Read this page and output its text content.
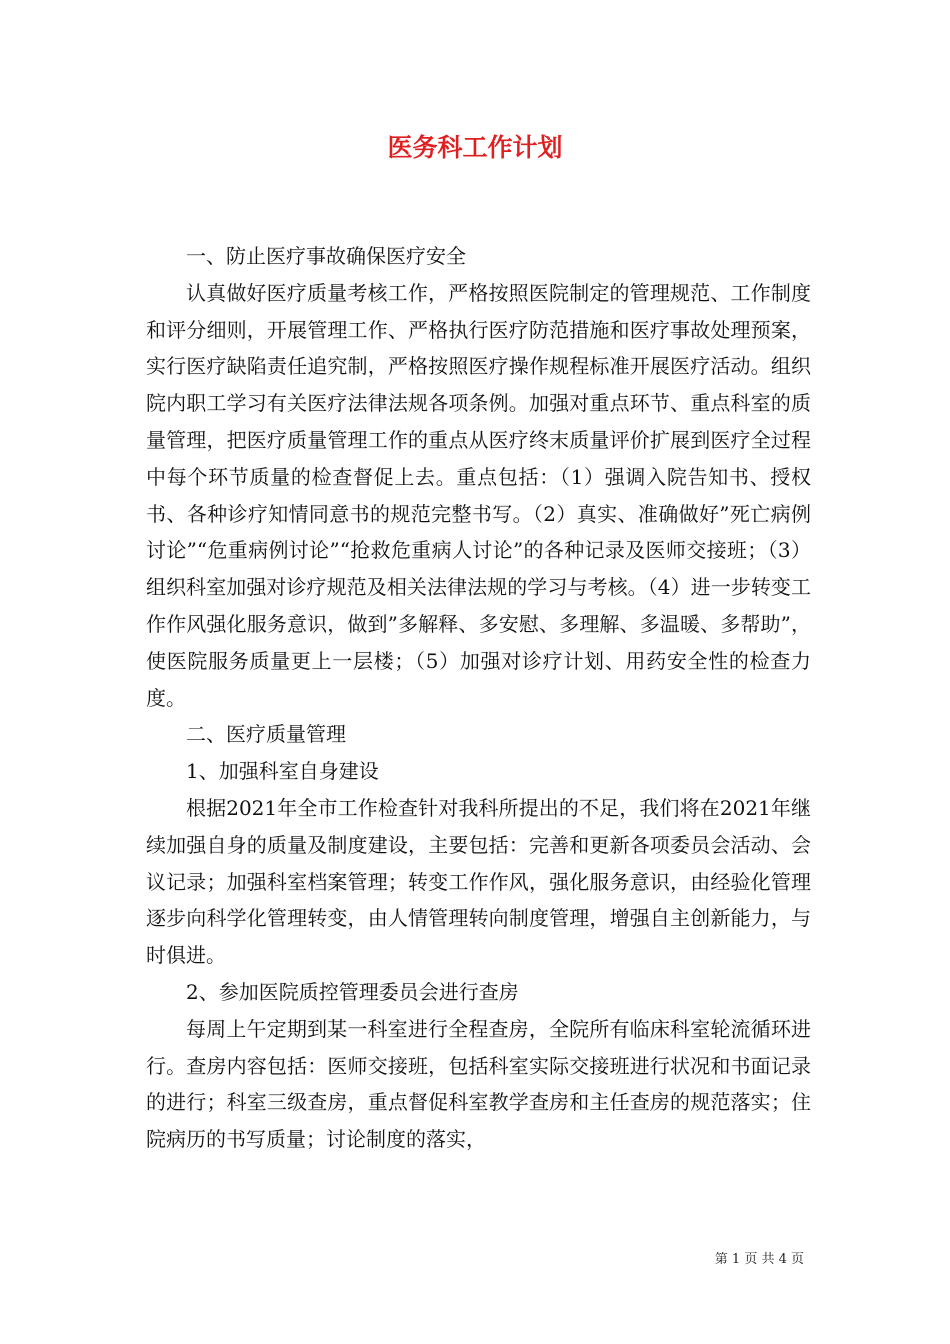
医务科工作计划

一、防止医疗事故确保医疗安全

认真做好医疗质量考核工作，严格按照医院制定的管理规范、工作制度和评分细则，开展管理工作、严格执行医疗防范措施和医疗事故处理预案，实行医疗缺陷责任追究制，严格按照医疗操作规程标准开展医疗活动。组织院内职工学习有关医疗法律法规各项条例。加强对重点环节、重点科室的质量管理，把医疗质量管理工作的重点从医疗终末质量评价扩展到医疗全过程中每个环节质量的检查督促上去。重点包括：（1）强调入院告知书、授权书、各种诊疗知情同意书的规范完整书写。（2）真实、准确做好”死亡病例讨论”“危重病例讨论”“抢救危重病人讨论”的各种记录及医师交接班；（3）组织科室加强对诊疗规范及相关法律法规的学习与考核。（4）进一步转变工作作风强化服务意识，做到”多解释、多安慰、多理解、多温暖、多帮助”，使医院服务质量更上一层楼；（5）加强对诊疗计划、用药安全性的检查力度。

二、医疗质量管理

1、加强科室自身建设

根据2021年全市工作检查针对我科所提出的不足，我们将在2021年继续加强自身的质量及制度建设，主要包括：完善和更新各项委员会活动、会议记录；加强科室档案管理；转变工作作风，强化服务意识，由经验化管理逐步向科学化管理转变，由人情管理转向制度管理，增强自主创新能力，与时俱进。

2、参加医院质控管理委员会进行查房

每周上午定期到某一科室进行全程查房，全院所有临床科室轮流循环进行。查房内容包括：医师交接班，包括科室实际交接班进行状况和书面记录的进行；科室三级查房，重点督促科室教学查房和主任查房的规范落实；住院病历的书写质量；讨论制度的落实，

第 1 页 共 4 页
